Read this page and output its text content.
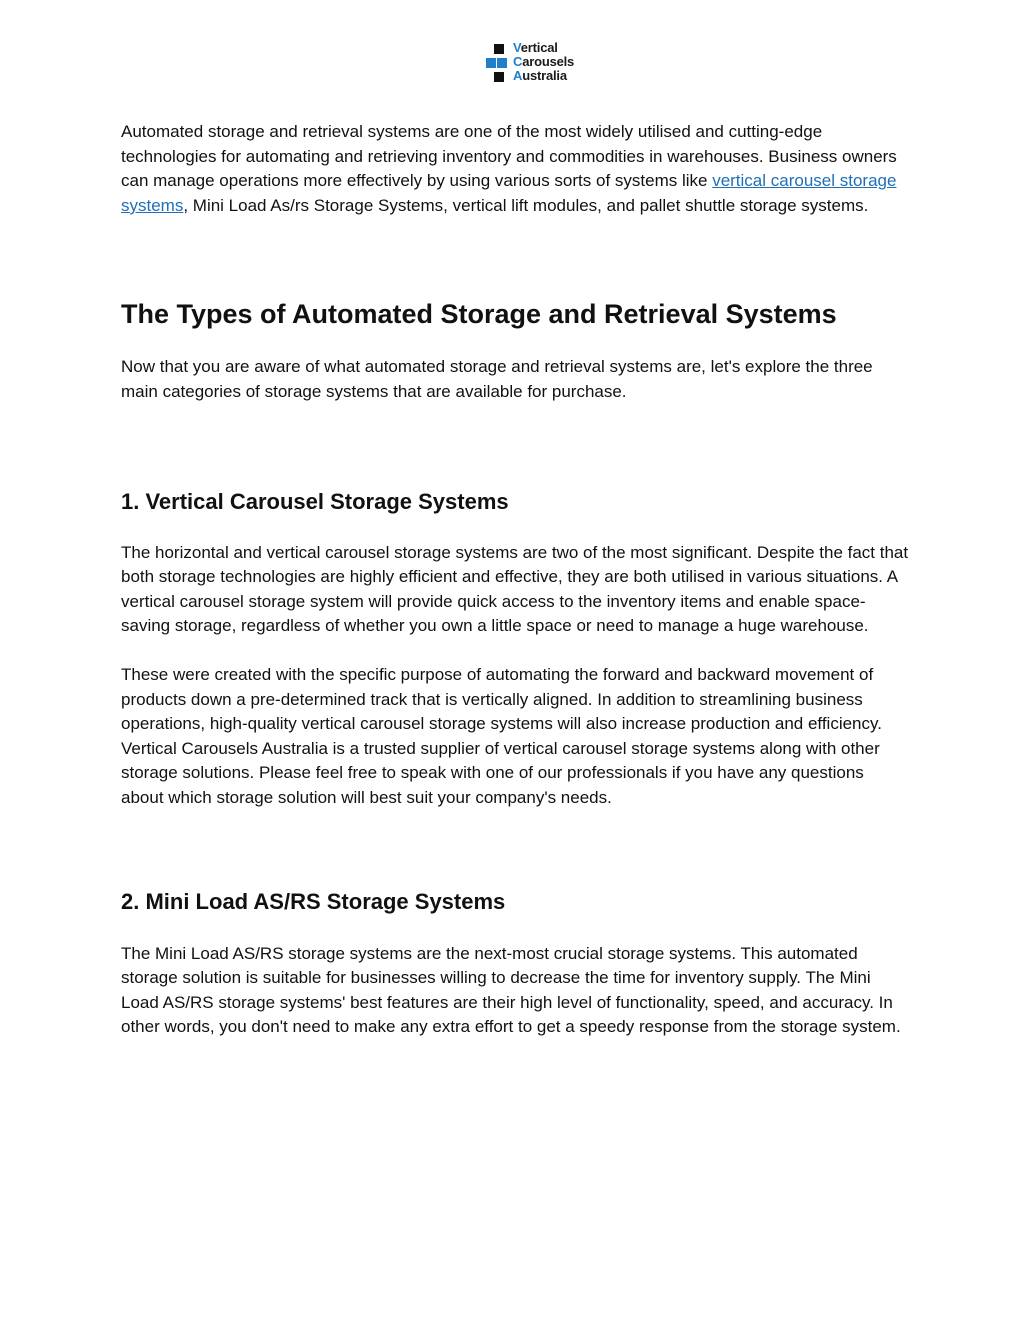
Vertical
Carousels
Australia

Automated storage and retrieval systems are one of the most widely utilised and cutting-edge technologies for automating and retrieving inventory and commodities in warehouses. Business owners can manage operations more effectively by using various sorts of systems like vertical carousel storage systems, Mini Load As/rs Storage Systems, vertical lift modules, and pallet shuttle storage systems.

The Types of Automated Storage and Retrieval Systems

Now that you are aware of what automated storage and retrieval systems are, let's explore the three main categories of storage systems that are available for purchase.

1. Vertical Carousel Storage Systems

The horizontal and vertical carousel storage systems are two of the most significant. Despite the fact that both storage technologies are highly efficient and effective, they are both utilised in various situations. A vertical carousel storage system will provide quick access to the inventory items and enable space-saving storage, regardless of whether you own a little space or need to manage a huge warehouse.

These were created with the specific purpose of automating the forward and backward movement of products down a pre-determined track that is vertically aligned. In addition to streamlining business operations, high-quality vertical carousel storage systems will also increase production and efficiency. Vertical Carousels Australia is a trusted supplier of vertical carousel storage systems along with other storage solutions. Please feel free to speak with one of our professionals if you have any questions about which storage solution will best suit your company's needs.

2. Mini Load AS/RS Storage Systems

The Mini Load AS/RS storage systems are the next-most crucial storage systems. This automated storage solution is suitable for businesses willing to decrease the time for inventory supply. The Mini Load AS/RS storage systems' best features are their high level of functionality, speed, and accuracy. In other words, you don't need to make any extra effort to get a speedy response from the storage system.
